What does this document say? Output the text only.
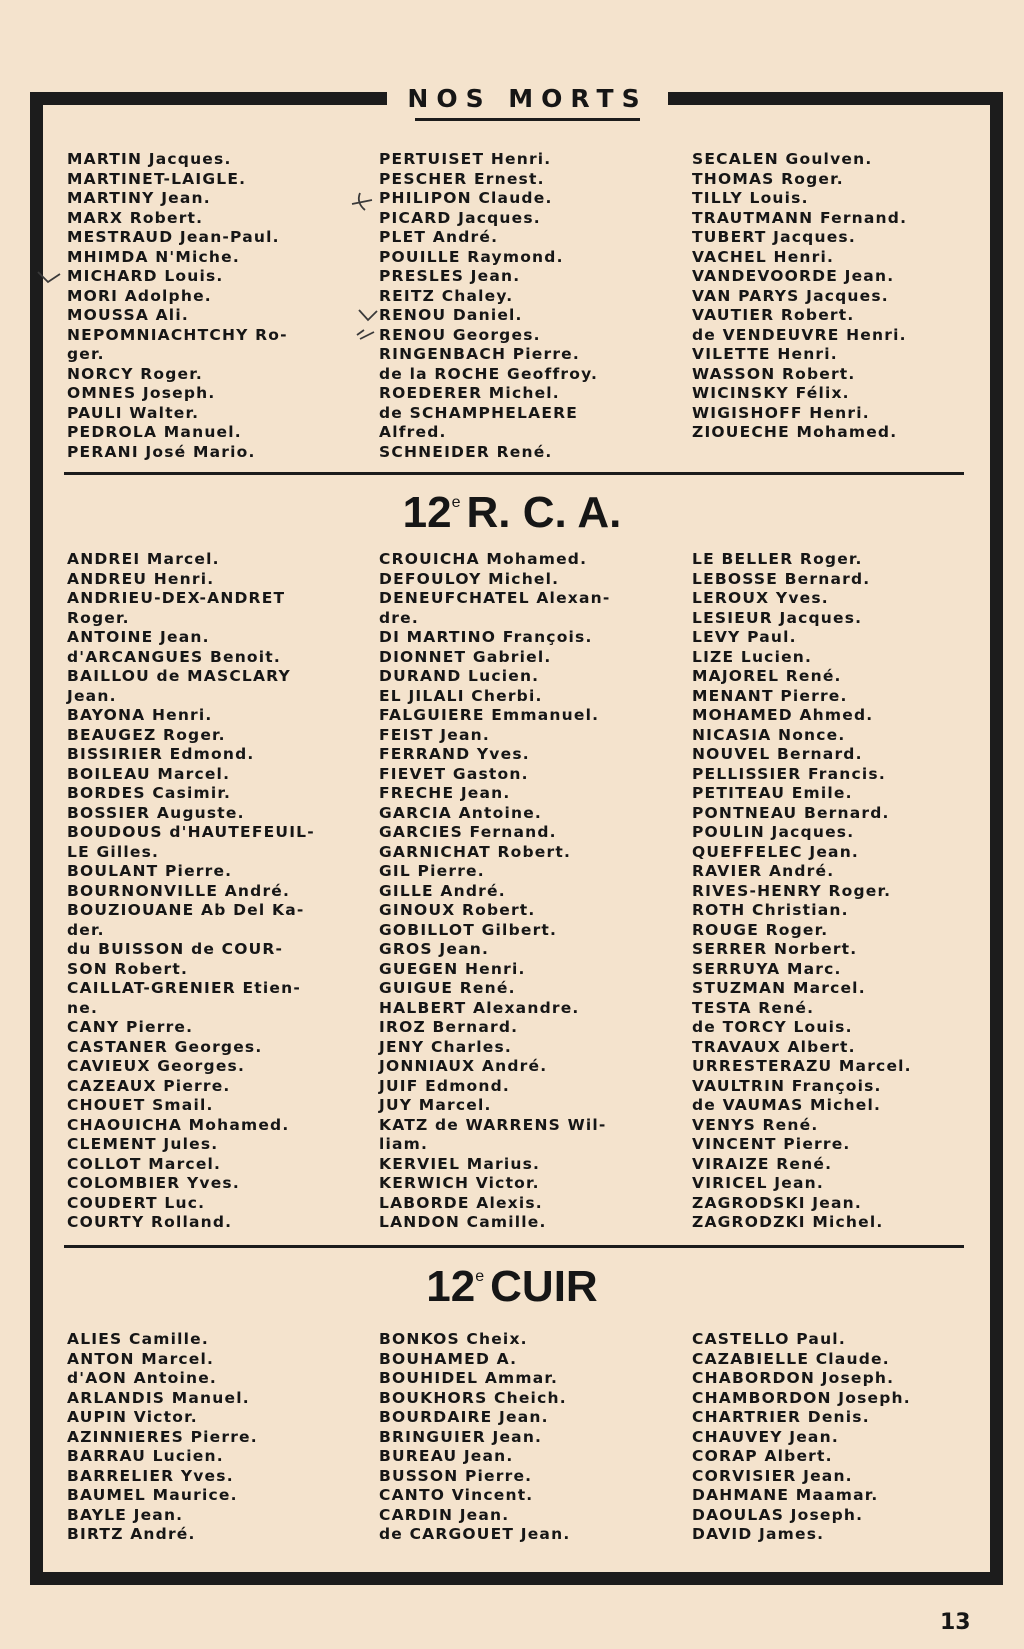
NOS MORTS
MARTIN Jacques.
MARTINET-LAIGLE.
MARTINY Jean.
MARX Robert.
MESTRAUD Jean-Paul.
MHIMDA N'Miche.
MICHARD Louis.
MORI Adolphe.
MOUSSA Ali.
NEPOMNIACHTCHY Ro-
ger.
NORCY Roger.
OMNES Joseph.
PAULI Walter.
PEDROLA Manuel.
PERANI José Mario.
PERTUISET Henri.
PESCHER Ernest.
PHILIPON Claude.
PICARD Jacques.
PLET André.
POUILLE Raymond.
PRESLES Jean.
REITZ Chaley.
RENOU Daniel.
RENOU Georges.
RINGENBACH Pierre.
de la ROCHE Geoffroy.
ROEDERER Michel.
de SCHAMPHELAERE
Alfred.
SCHNEIDER René.
SECALEN Goulven.
THOMAS Roger.
TILLY Louis.
TRAUTMANN Fernand.
TUBERT Jacques.
VACHEL Henri.
VANDEVOORDE Jean.
VAN PARYS Jacques.
VAUTIER Robert.
de VENDEUVRE Henri.
VILETTE Henri.
WASSON Robert.
WICINSKY Félix.
WIGISHOFF Henri.
ZIOUECHE Mohamed.
12e R. C. A.
ANDREI Marcel.
ANDREU Henri.
ANDRIEU-DEX-ANDRET
Roger.
ANTOINE Jean.
d'ARCANGUES Benoit.
BAILLOU de MASCLARY
Jean.
BAYONA Henri.
BEAUGEZ Roger.
BISSIRIER Edmond.
BOILEAU Marcel.
BORDES Casimir.
BOSSIER Auguste.
BOUDOUS d'HAUTEFEUIL-
LE Gilles.
BOULANT Pierre.
BOURNONVILLE André.
BOUZIOUANE Ab Del Ka-
der.
du BUISSON de COUR-
SON Robert.
CAILLAT-GRENIER Etien-
ne.
CANY Pierre.
CASTANER Georges.
CAVIEUX Georges.
CAZEAUX Pierre.
CHOUET Smail.
CHAOUICHA Mohamed.
CLEMENT Jules.
COLLOT Marcel.
COLOMBIER Yves.
COUDERT Luc.
COURTY Rolland.
CROUICHA Mohamed.
DEFOULOY Michel.
DENEUFCHATEL Alexan-
dre.
DI MARTINO François.
DIONNET Gabriel.
DURAND Lucien.
EL JILALI Cherbi.
FALGUIERE Emmanuel.
FEIST Jean.
FERRAND Yves.
FIEVET Gaston.
FRECHE Jean.
GARCIA Antoine.
GARCIES Fernand.
GARNICHAT Robert.
GIL Pierre.
GILLE André.
GINOUX Robert.
GOBILLOT Gilbert.
GROS Jean.
GUEGEN Henri.
GUIGUE René.
HALBERT Alexandre.
IROZ Bernard.
JENY Charles.
JONNIAUX André.
JUIF Edmond.
JUY Marcel.
KATZ de WARRENS Wil-
liam.
KERVIEL Marius.
KERWICH Victor.
LABORDE Alexis.
LANDON Camille.
LE BELLER Roger.
LEBOSSE Bernard.
LEROUX Yves.
LESIEUR Jacques.
LEVY Paul.
LIZE Lucien.
MAJOREL René.
MENANT Pierre.
MOHAMED Ahmed.
NICASIA Nonce.
NOUVEL Bernard.
PELLISSIER Francis.
PETITEAU Emile.
PONTNEAU Bernard.
POULIN Jacques.
QUEFFELEC Jean.
RAVIER André.
RIVES-HENRY Roger.
ROTH Christian.
ROUGE Roger.
SERRER Norbert.
SERRUYA Marc.
STUZMAN Marcel.
TESTA René.
de TORCY Louis.
TRAVAUX Albert.
URRESTERAZU Marcel.
VAULTRIN François.
de VAUMAS Michel.
VENYS René.
VINCENT Pierre.
VIRAIZE René.
VIRICEL Jean.
ZAGRODSKI Jean.
ZAGRODZKI Michel.
12e CUIR
ALIES Camille.
ANTON Marcel.
d'AON Antoine.
ARLANDIS Manuel.
AUPIN Victor.
AZINNIERES Pierre.
BARRAU Lucien.
BARRELIER Yves.
BAUMEL Maurice.
BAYLE Jean.
BIRTZ André.
BONKOS Cheix.
BOUHAMED A.
BOUHIDEL Ammar.
BOUKHORS Cheich.
BOURDAIRE Jean.
BRINGUIER Jean.
BUREAU Jean.
BUSSON Pierre.
CANTO Vincent.
CARDIN Jean.
de CARGOUET Jean.
CASTELLO Paul.
CAZABIELLE Claude.
CHABORDON Joseph.
CHAMBORDON Joseph.
CHARTRIER Denis.
CHAUVEY Jean.
CORAP Albert.
CORVISIER Jean.
DAHMANE Maamar.
DAOULAS Joseph.
DAVID James.
13
